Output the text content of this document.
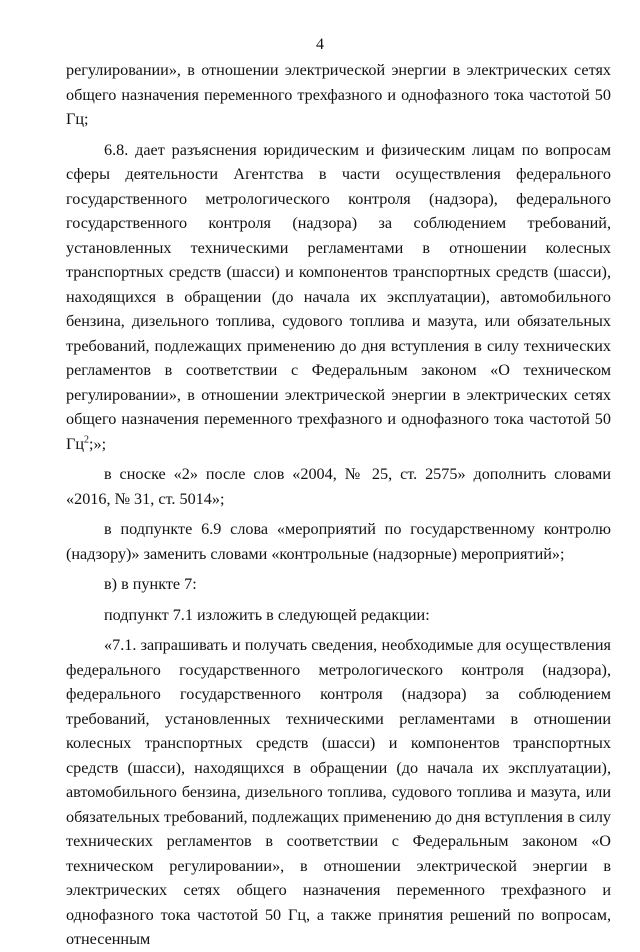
4

регулировании», в отношении электрической энергии в электрических сетях общего назначения переменного трехфазного и однофазного тока частотой 50 Гц;

6.8. дает разъяснения юридическим и физическим лицам по вопросам сферы деятельности Агентства в части осуществления федерального государственного метрологического контроля (надзора), федерального государственного контроля (надзора) за соблюдением требований, установленных техническими регламентами в отношении колесных транспортных средств (шасси) и компонентов транспортных средств (шасси), находящихся в обращении (до начала их эксплуатации), автомобильного бензина, дизельного топлива, судового топлива и мазута, или обязательных требований, подлежащих применению до дня вступления в силу технических регламентов в соответствии с Федеральным законом «О техническом регулировании», в отношении электрической энергии в электрических сетях общего назначения переменного трехфазного и однофазного тока частотой 50 $Гц^2$;»;

в сноске «2» после слов «2004, № 25, ст. 2575» дополнить словами «2016, № 31, ст. 5014»;

в подпункте 6.9 слова «мероприятий по государственному контролю (надзору)» заменить словами «контрольные (надзорные) мероприятий»;

в) в пункте 7:

подпункт 7.1 изложить в следующей редакции:

«7.1. запрашивать и получать сведения, необходимые для осуществления федерального государственного метрологического контроля (надзора), федерального государственного контроля (надзора) за соблюдением требований, установленных техническими регламентами в отношении колесных транспортных средств (шасси) и компонентов транспортных средств (шасси), находящихся в обращении (до начала их эксплуатации), автомобильного бензина, дизельного топлива, судового топлива и мазута, или обязательных требований, подлежащих применению до дня вступления в силу технических регламентов в соответствии с Федеральным законом «О техническом регулировании», в отношении электрической энергии в электрических сетях общего назначения переменного трехфазного и однофазного тока частотой 50 Гц, а также принятия решений по вопросам, отнесенным
